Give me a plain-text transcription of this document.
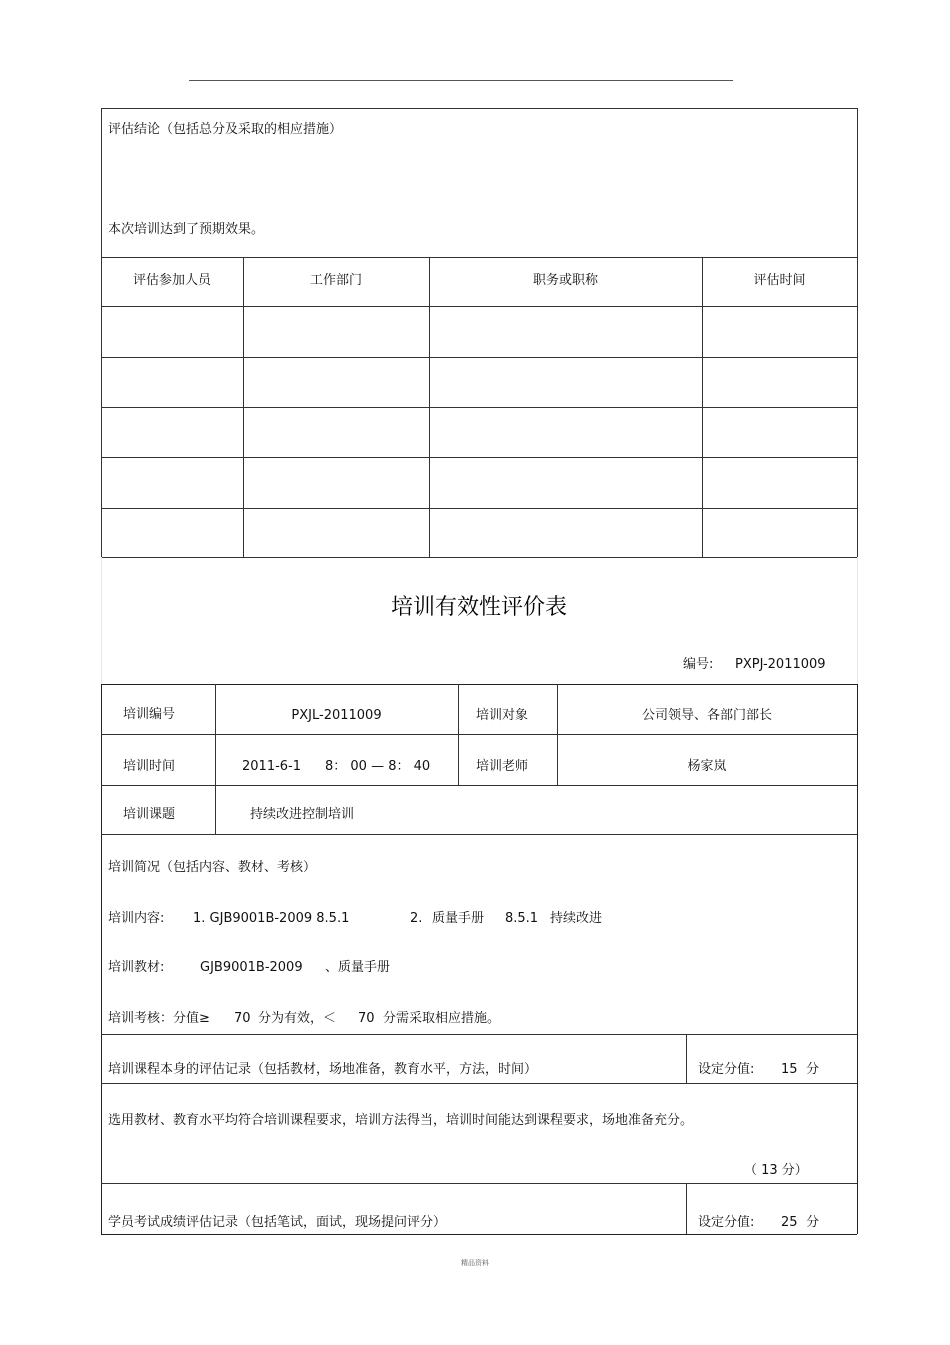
评估结论（包括总分及采取的相应措施）
本次培训达到了预期效果。
评估参加人员	工作部门	职务或职称	评估时间
培训有效性评价表
编号: PXPJ-2011009
培训编号	PXJL-2011009	培训对象	公司领导、各部门部长
培训时间	2011-6-1 8： 00 — 8： 40	培训老师	杨家岚
培训课题	持续改进控制培训
培训简况（包括内容、教材、考核）
培训内容: 1. GJB9001B-2009 8.5.1	2. 质量手册 8.5.1 持续改进
培训教材:	GJB9001B-2009 、质量手册
培训考核：分值≥ 70 分为有效，＜ 70 分需采取相应措施。
培训课程本身的评估记录（包括教材，场地准备，教育水平，方法，时间）	设定分值: 15 分
选用教材、教育水平均符合培训课程要求，培训方法得当，培训时间能达到课程要求，场地准备充分。
（ 13 分）
学员考试成绩评估记录（包括笔试，面试，现场提问评分）	设定分值: 25 分
精品资料
